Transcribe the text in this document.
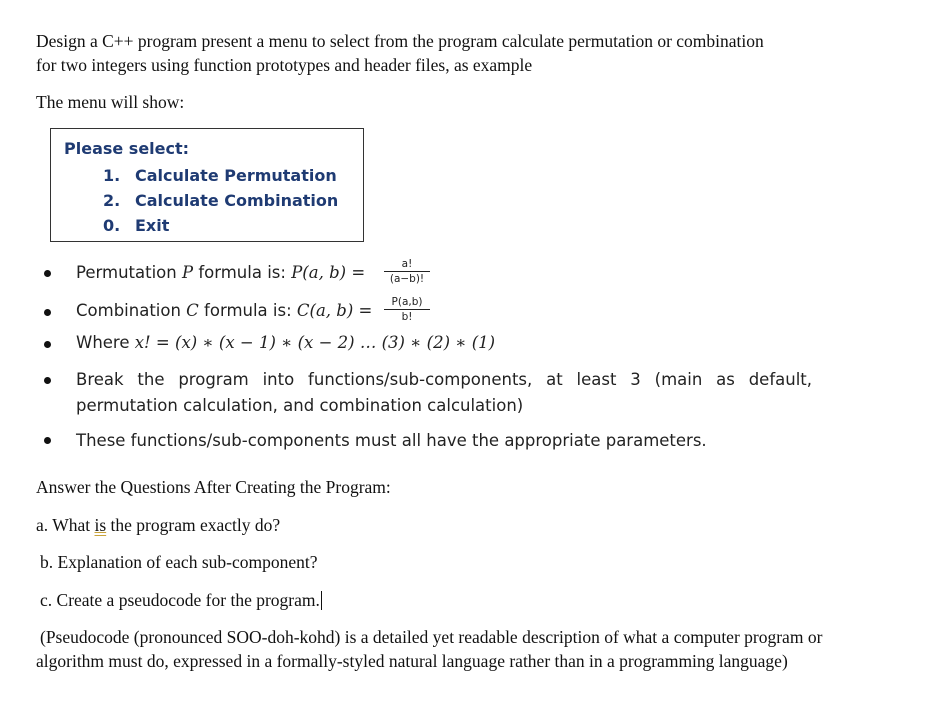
Design a C++ program present a menu to select from the program calculate permutation or combination
for two integers using function prototypes and header files, as example
The menu will show:
Please select:
1. Calculate Permutation
2. Calculate Combination
0. Exit
Permutation P formula is: P(a, b) =	a!
(a−b)!
Combination C formula is: C(a, b) =	P(a,b)
b!
Where x! = (x) ∗ (x − 1) ∗ (x − 2) … (3) ∗ (2) ∗ (1)
Break the program into functions/sub-components, at least 3 (main as default, permutation calculation, and combination calculation)
These functions/sub-components must all have the appropriate parameters.
Answer the Questions After Creating the Program:
a. What is the program exactly do?
b. Explanation of each sub-component?
c. Create a pseudocode for the program.
(Pseudocode (pronounced SOO-doh-kohd) is a detailed yet readable description of what a computer program or algorithm must do, expressed in a formally-styled natural language rather than in a programming language)
